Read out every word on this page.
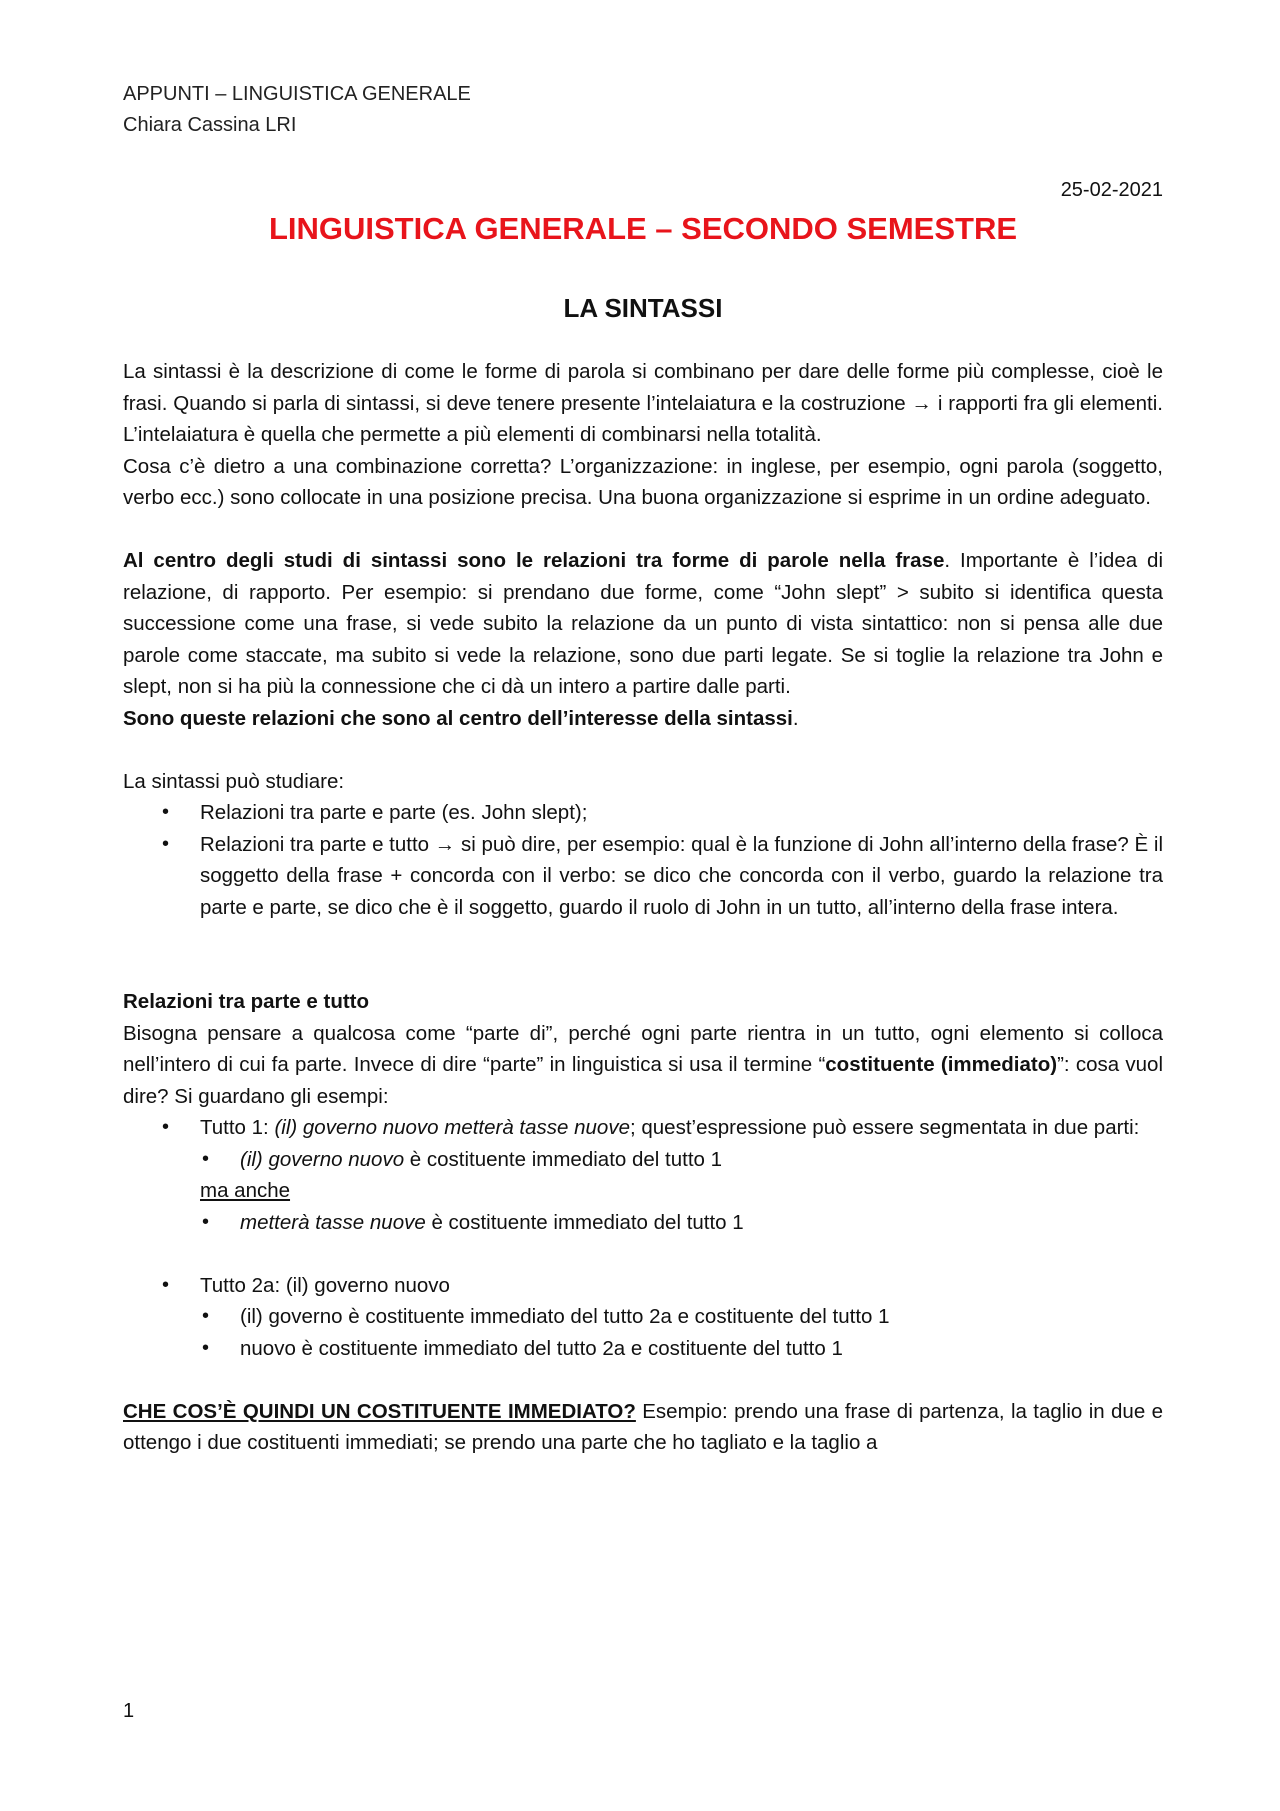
APPUNTI – LINGUISTICA GENERALE
Chiara Cassina LRI
25-02-2021
LINGUISTICA GENERALE – SECONDO SEMESTRE
LA SINTASSI

La sintassi è la descrizione di come le forme di parola si combinano per dare delle forme più complesse, cioè le frasi. Quando si parla di sintassi, si deve tenere presente l’intelaiatura e la costruzione → i rapporti fra gli elementi. L’intelaiatura è quella che permette a più elementi di combinarsi nella totalità.

Cosa c’è dietro a una combinazione corretta? L’organizzazione: in inglese, per esempio, ogni parola (soggetto, verbo ecc.) sono collocate in una posizione precisa. Una buona organizzazione si esprime in un ordine adeguato.

Al centro degli studi di sintassi sono le relazioni tra forme di parole nella frase. Importante è l’idea di relazione, di rapporto. Per esempio: si prendano due forme, come “John slept” > subito si identifica questa successione come una frase, si vede subito la relazione da un punto di vista sintattico: non si pensa alle due parole come staccate, ma subito si vede la relazione, sono due parti legate. Se si toglie la relazione tra John e slept, non si ha più la connessione che ci dà un intero a partire dalle parti.

Sono queste relazioni che sono al centro dell’interesse della sintassi.

La sintassi può studiare:

• Relazioni tra parte e parte (es. John slept);
• Relazioni tra parte e tutto → si può dire, per esempio: qual è la funzione di John all’interno della frase? È il soggetto della frase + concorda con il verbo: se dico che concorda con il verbo, guardo la relazione tra parte e parte, se dico che è il soggetto, guardo il ruolo di John in un tutto, all’interno della frase intera.

Relazioni tra parte e tutto

Bisogna pensare a qualcosa come “parte di”, perché ogni parte rientra in un tutto, ogni elemento si colloca nell’intero di cui fa parte. Invece di dire “parte” in linguistica si usa il termine “costituente (immediato)”: cosa vuol dire? Si guardano gli esempi:

• Tutto 1: (il) governo nuovo metterà tasse nuove; quest’espressione può essere segmentata in due parti:
• (il) governo nuovo è costituente immediato del tutto 1
ma anche
• metterà tasse nuove è costituente immediato del tutto 1
• Tutto 2a: (il) governo nuovo
• (il) governo è costituente immediato del tutto 2a e costituente del tutto 1
• nuovo è costituente immediato del tutto 2a e costituente del tutto 1

CHE COS’È QUINDI UN COSTITUENTE IMMEDIATO? Esempio: prendo una frase di partenza, la taglio in due e ottengo i due costituenti immediati; se prendo una parte che ho tagliato e la taglio a

1
